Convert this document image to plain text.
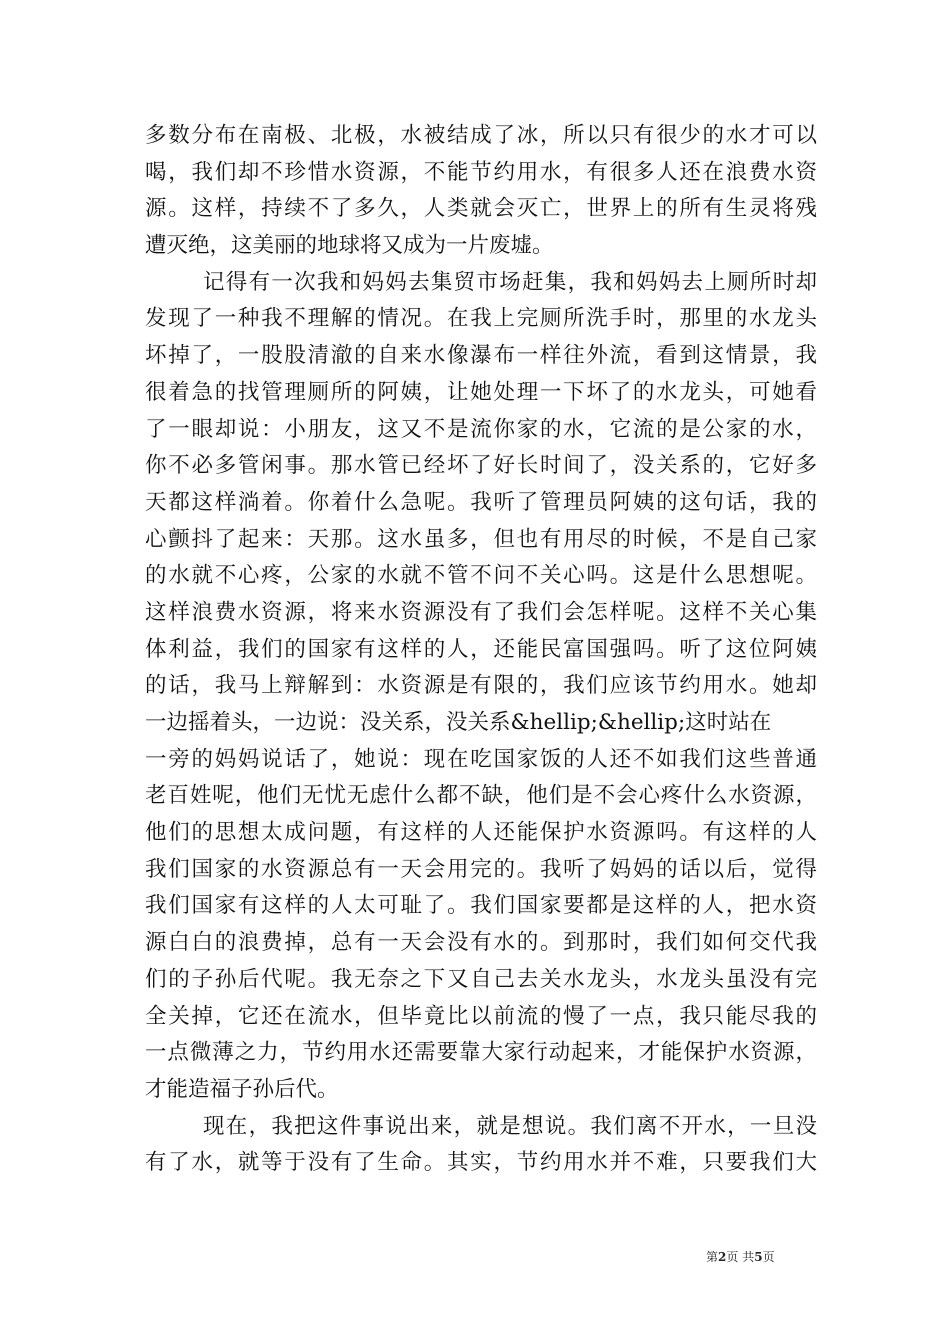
多数分布在南极、北极，水被结成了冰，所以只有很少的水才可以
喝，我们却不珍惜水资源，不能节约用水，有很多人还在浪费水资
源。这样，持续不了多久，人类就会灭亡，世界上的所有生灵将残
遭灭绝，这美丽的地球将又成为一片废墟。
记得有一次我和妈妈去集贸市场赶集，我和妈妈去上厕所时却
发现了一种我不理解的情况。在我上完厕所洗手时，那里的水龙头
坏掉了，一股股清澈的自来水像瀑布一样往外流，看到这情景，我
很着急的找管理厕所的阿姨，让她处理一下坏了的水龙头，可她看
了一眼却说：小朋友，这又不是流你家的水，它流的是公家的水，
你不必多管闲事。那水管已经坏了好长时间了，没关系的，它好多
天都这样淌着。你着什么急呢。我听了管理员阿姨的这句话，我的
心颤抖了起来：天那。这水虽多，但也有用尽的时候，不是自己家
的水就不心疼，公家的水就不管不问不关心吗。这是什么思想呢。
这样浪费水资源，将来水资源没有了我们会怎样呢。这样不关心集
体利益，我们的国家有这样的人，还能民富国强吗。听了这位阿姨
的话，我马上辩解到：水资源是有限的，我们应该节约用水。她却
一边摇着头，一边说：没关系，没关系&hellip;&hellip;这时站在
一旁的妈妈说话了，她说：现在吃国家饭的人还不如我们这些普通
老百姓呢，他们无忧无虑什么都不缺，他们是不会心疼什么水资源，
他们的思想太成问题，有这样的人还能保护水资源吗。有这样的人
我们国家的水资源总有一天会用完的。我听了妈妈的话以后，觉得
我们国家有这样的人太可耻了。我们国家要都是这样的人，把水资
源白白的浪费掉，总有一天会没有水的。到那时，我们如何交代我
们的子孙后代呢。我无奈之下又自己去关水龙头，水龙头虽没有完
全关掉，它还在流水，但毕竟比以前流的慢了一点，我只能尽我的
一点微薄之力，节约用水还需要靠大家行动起来，才能保护水资源，
才能造福子孙后代。
现在，我把这件事说出来，就是想说。我们离不开水，一旦没
有了水，就等于没有了生命。其实，节约用水并不难，只要我们大
第2页 共5页
